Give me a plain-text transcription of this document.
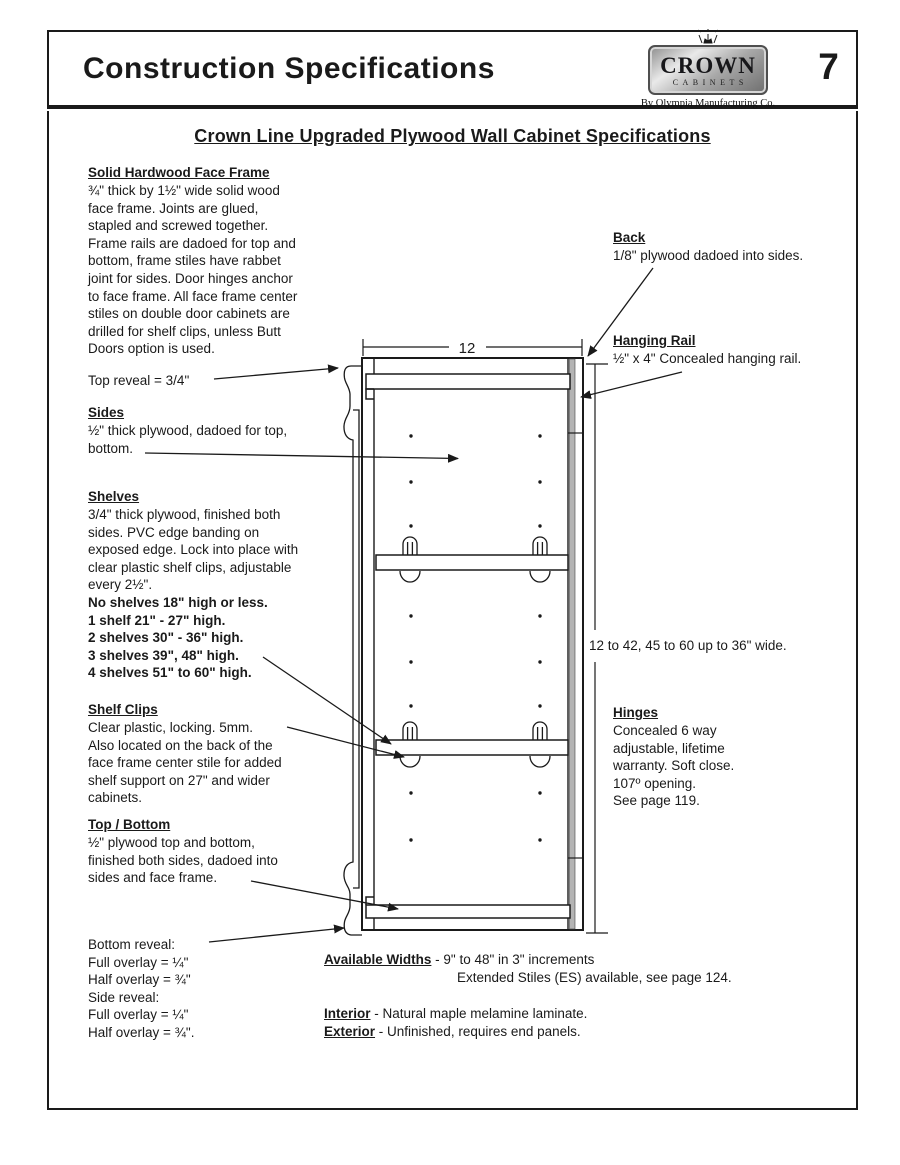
Construction Specifications	CROWN
CABINETS
By Olympia Manufacturing Co.
7
Crown Line Upgraded Plywood Wall Cabinet Specifications
Solid Hardwood Face Frame
¾" thick by 1½" wide solid wood
face frame. Joints are glued,
stapled and screwed together.
Frame rails are dadoed for top and
bottom, frame stiles have rabbet
joint for sides. Door hinges anchor
to face frame. All face frame center
stiles on double door cabinets are
drilled for shelf clips, unless Butt
Doors option is used.
Top reveal = 3/4"
Sides
½" thick plywood, dadoed for top,
bottom.
Shelves
3/4" thick plywood, finished both
sides. PVC edge banding on
exposed edge. Lock into place with
clear plastic shelf clips, adjustable
every 2½".
No shelves 18" high or less.
1 shelf 21" - 27" high.
2 shelves 30" - 36" high.
3 shelves 39", 48" high.
4 shelves 51" to 60" high.
Shelf Clips
Clear plastic, locking. 5mm.
Also located on the back of the
face frame center stile for added
shelf support on 27" and wider
cabinets.
Top / Bottom
½" plywood top and bottom,
finished both sides, dadoed into
sides and face frame.
Bottom reveal:
Full overlay = ¼"
Half overlay = ¾"
Side reveal:
Full overlay = ¼"
Half overlay = ¾".
Back
1/8" plywood dadoed into sides.
Hanging Rail
½" x 4" Concealed hanging rail.
12 to 42, 45 to 60 up to 36" wide.
Hinges
Concealed 6 way
adjustable, lifetime
warranty. Soft close.
107º opening.
See page 119.
Available Widths - 9" to 48" in 3" increments
Extended Stiles (ES) available, see page 124.
Interior - Natural maple melamine laminate.
Exterior - Unfinished, requires end panels.
12
